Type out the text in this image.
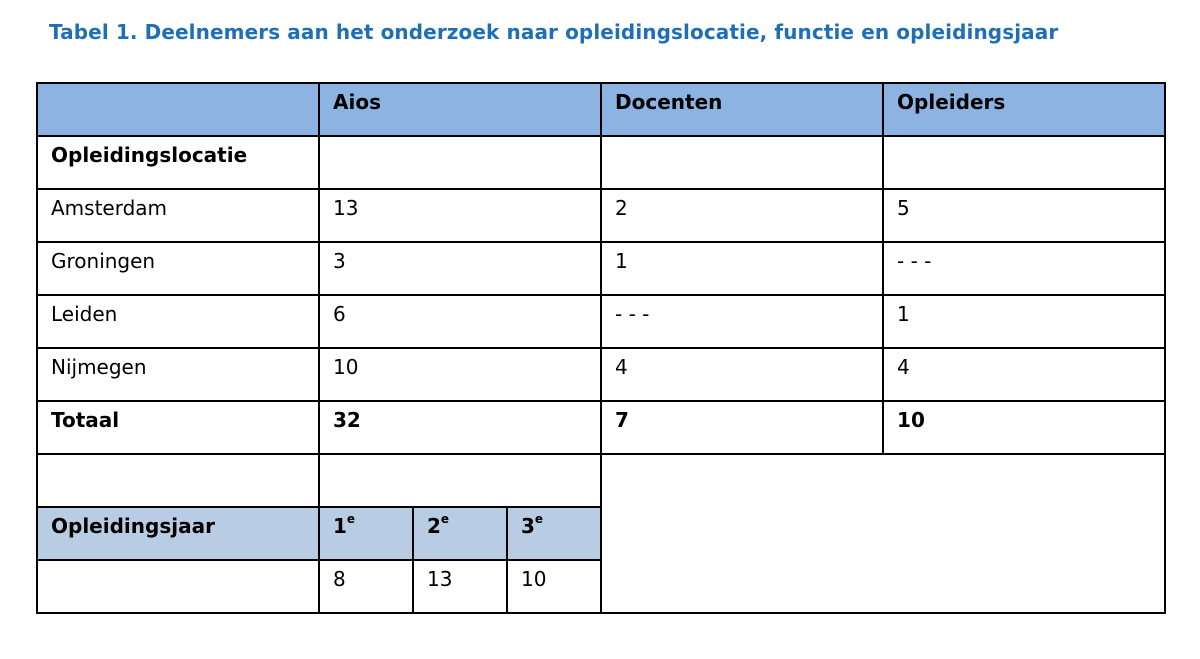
Tabel 1. Deelnemers aan het onderzoek naar opleidingslocatie, functie en opleidingsjaar

	Aios			Docenten	Opleiders

Opleidingslocatie					

Amsterdam	13			2	5

Groningen	3			1	- - -

Leiden	6			- - -	1

Nijmegen	10			4	4

Totaal	32			7	10

Opleidingsjaar	1e	2e	3e

	8	13	10		
